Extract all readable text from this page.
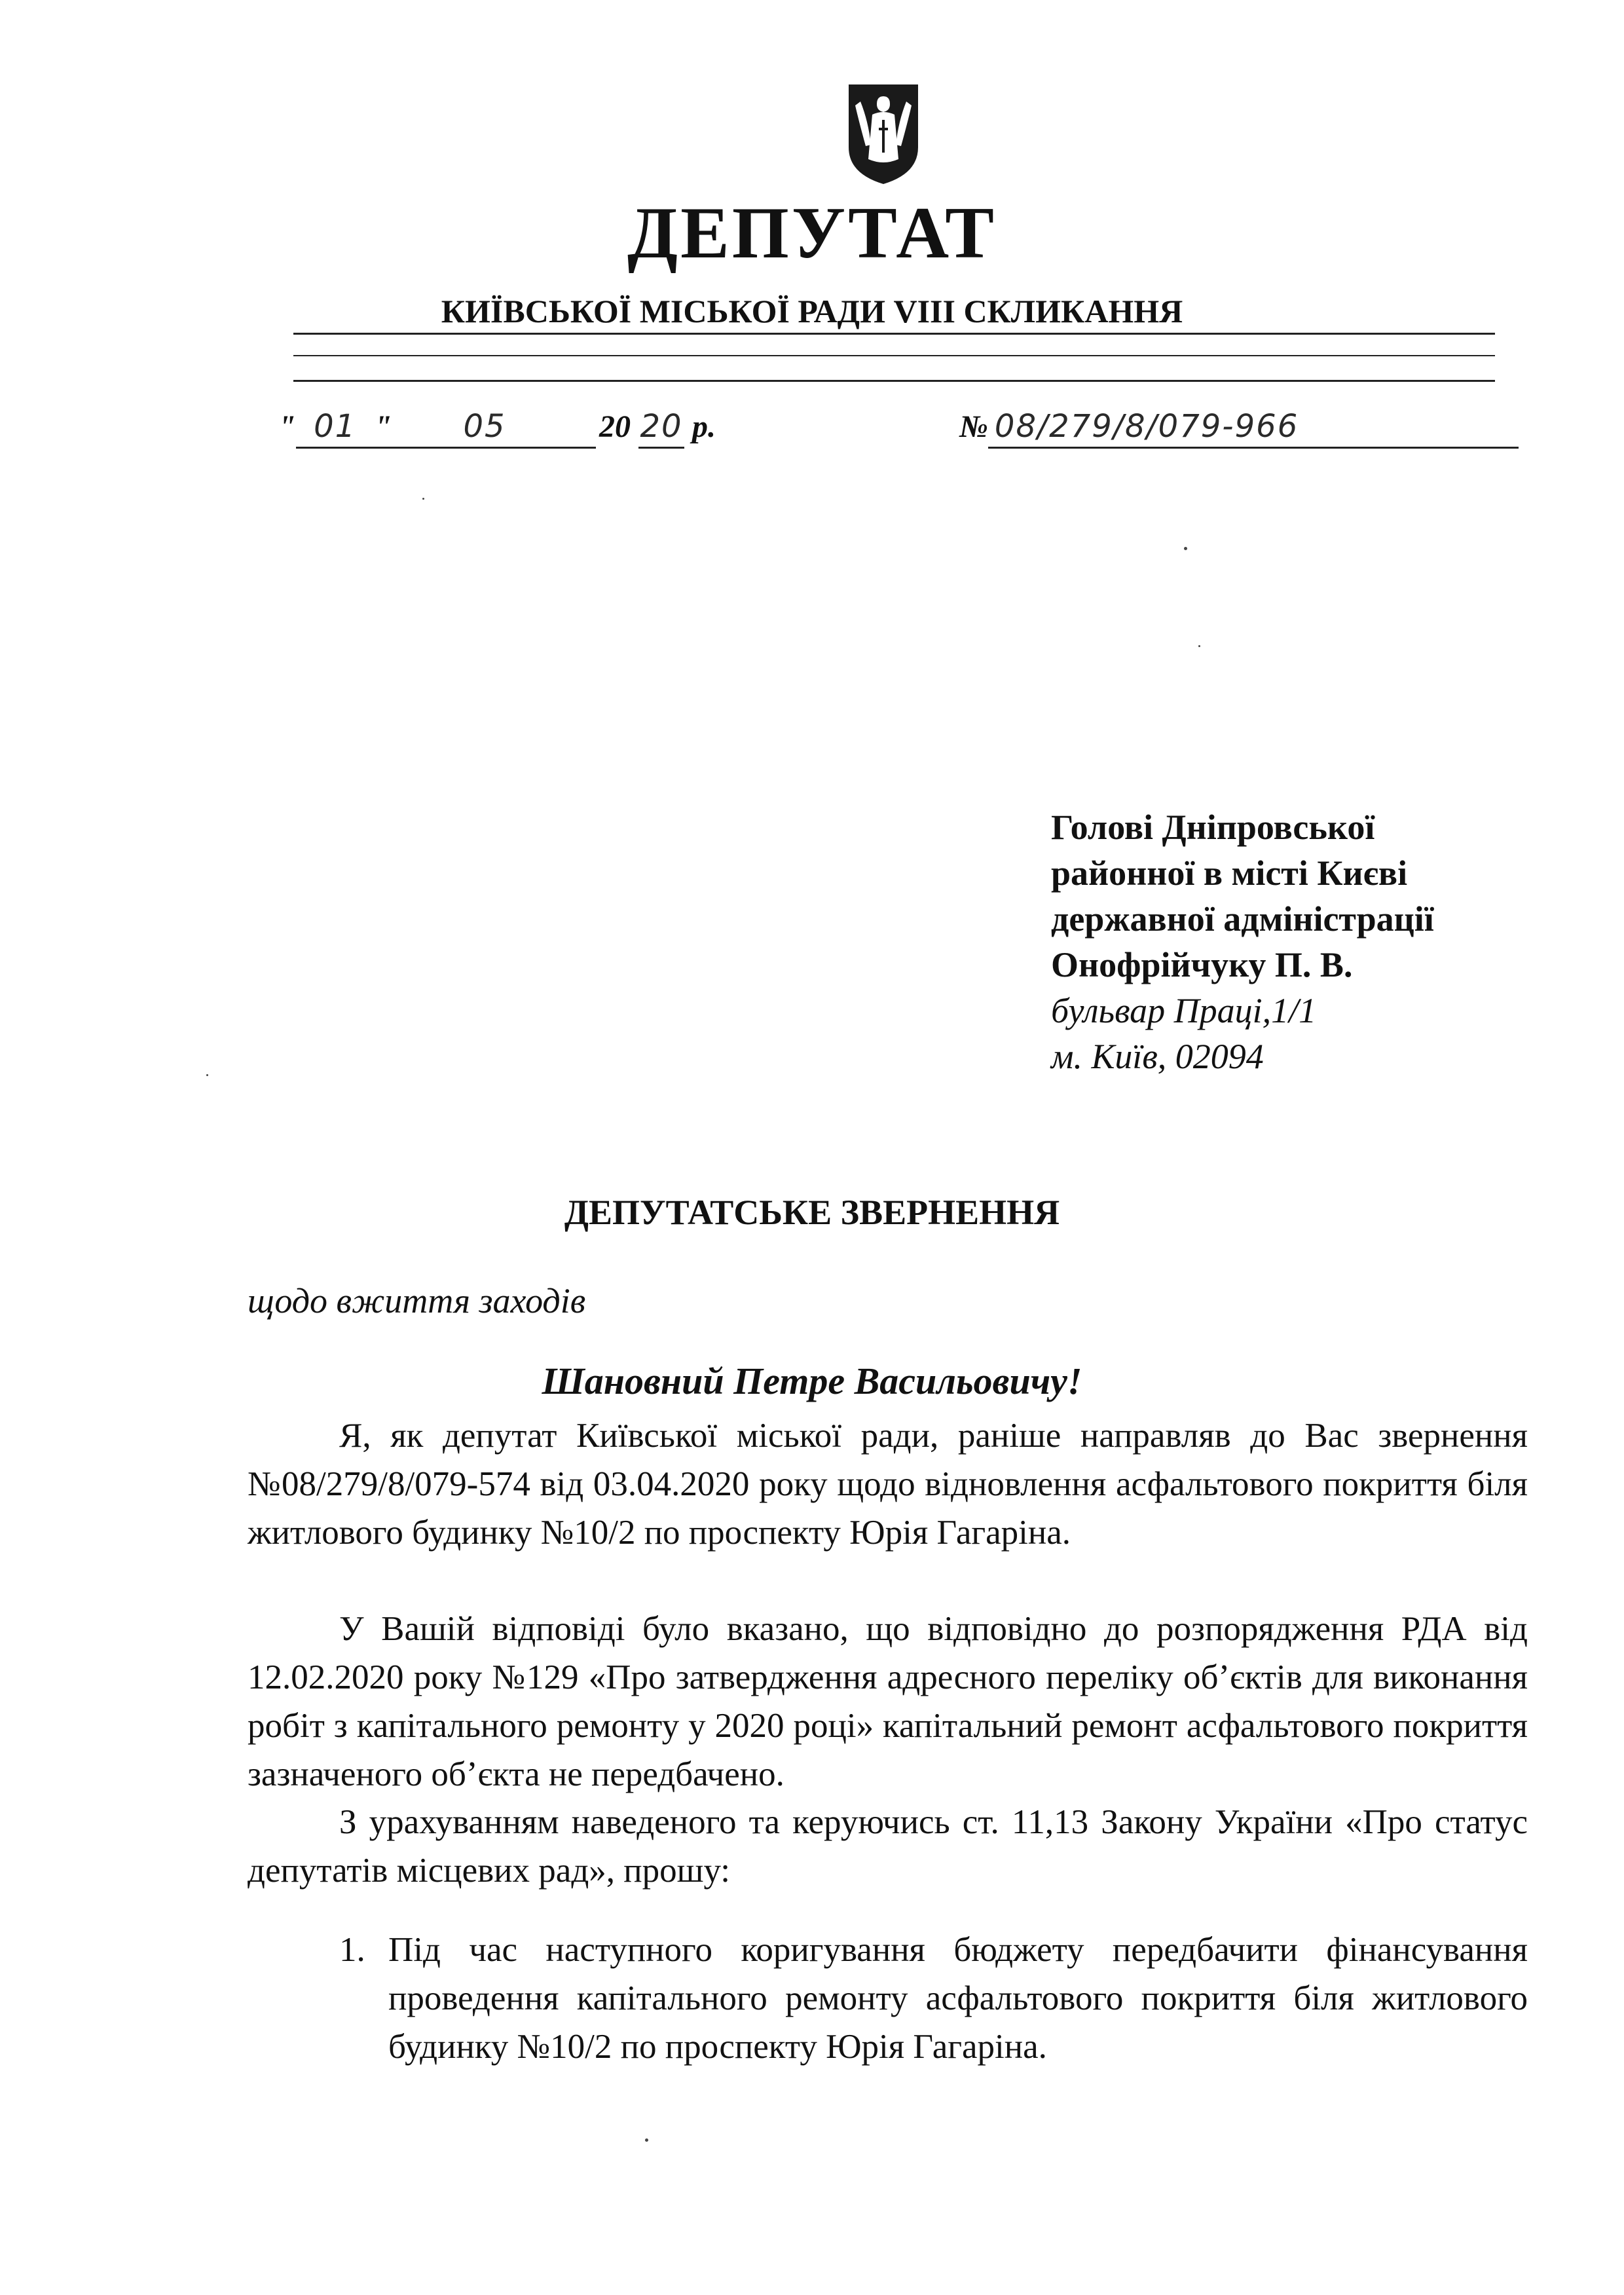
ДЕПУТАТ
КИЇВСЬКОЇ МІСЬКОЇ РАДИ VIII СКЛИКАННЯ
" 01 "	05	20 20 р.	№ 08/279/8/079-966
Голові Дніпровської
районної в місті Києві
державної адміністрації
Онофрійчуку П. В.
бульвар Праці,1/1
м. Київ, 02094
ДЕПУТАТСЬКЕ ЗВЕРНЕННЯ
щодо вжиття заходів
Шановний Петре Васильовичу!

Я, як депутат Київської міської ради, раніше направляв до Вас звернення №08/279/8/079-574 від 03.04.2020 року щодо відновлення асфальтового покриття біля житлового будинку №10/2 по проспекту Юрія Гагаріна.

У Вашій відповіді було вказано, що відповідно до розпорядження РДА від 12.02.2020 року №129 «Про затвердження адресного переліку об’єктів для виконання робіт з капітального ремонту у 2020 році» капітальний ремонт асфальтового покриття зазначеного об’єкта не передбачено.

З урахуванням наведеного та керуючись ст. 11,13 Закону України «Про статус депутатів місцевих рад», прошу:

1. Під час наступного коригування бюджету передбачити фінансування проведення капітального ремонту асфальтового покриття біля житлового будинку №10/2 по проспекту Юрія Гагаріна.
